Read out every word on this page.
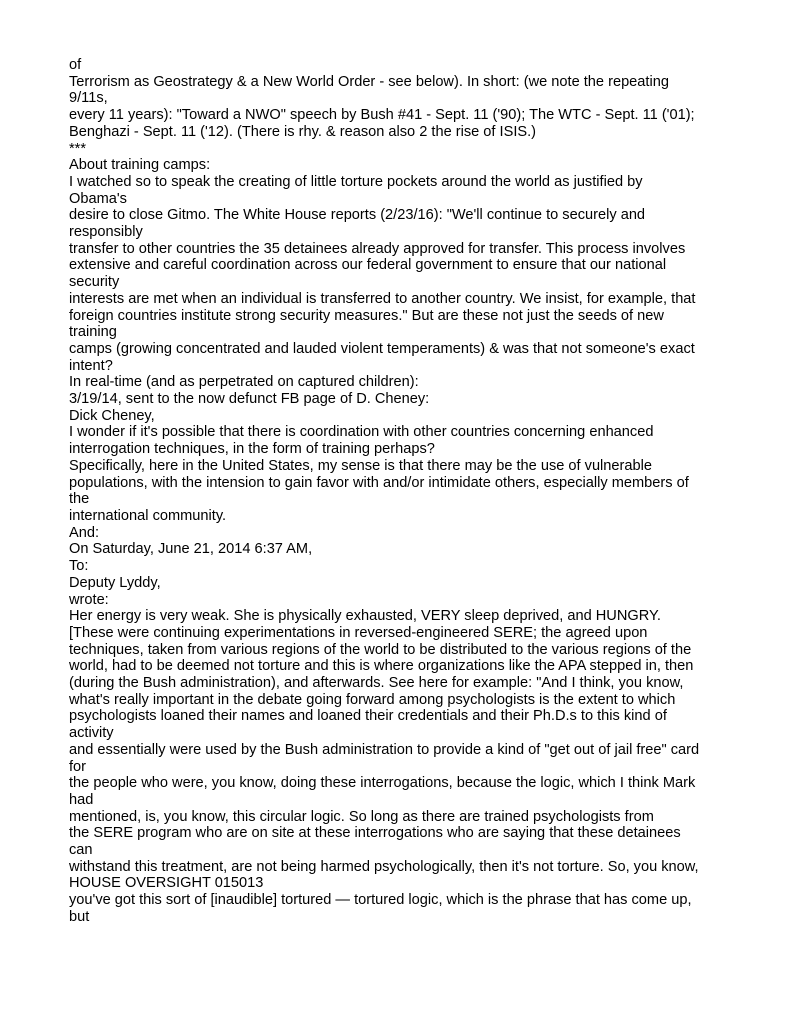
of
Terrorism as Geostrategy & a New World Order - see below). In short: (we note the repeating
9/11s,
every 11 years): "Toward a NWO" speech by Bush #41 - Sept. 11 ('90); The WTC - Sept. 11 ('01);
Benghazi - Sept. 11 ('12). (There is rhy. & reason also 2 the rise of ISIS.)
***
About training camps:
I watched so to speak the creating of little torture pockets around the world as justified by
Obama's
desire to close Gitmo. The White House reports (2/23/16): "We'll continue to securely and
responsibly
transfer to other countries the 35 detainees already approved for transfer. This process involves
extensive and careful coordination across our federal government to ensure that our national
security
interests are met when an individual is transferred to another country. We insist, for example, that
foreign countries institute strong security measures." But are these not just the seeds of new
training
camps (growing concentrated and lauded violent temperaments) & was that not someone's exact
intent?
In real-time (and as perpetrated on captured children):
3/19/14, sent to the now defunct FB page of D. Cheney:
Dick Cheney,
I wonder if it's possible that there is coordination with other countries concerning enhanced
interrogation techniques, in the form of training perhaps?
Specifically, here in the United States, my sense is that there may be the use of vulnerable
populations, with the intension to gain favor with and/or intimidate others, especially members of
the
international community.
And:
On Saturday, June 21, 2014 6:37 AM,
To:
Deputy Lyddy,
wrote:
Her energy is very weak. She is physically exhausted, VERY sleep deprived, and HUNGRY.
[These were continuing experimentations in reversed-engineered SERE; the agreed upon
techniques, taken from various regions of the world to be distributed to the various regions of the
world, had to be deemed not torture and this is where organizations like the APA stepped in, then
(during the Bush administration), and afterwards. See here for example: "And I think, you know,
what's really important in the debate going forward among psychologists is the extent to which
psychologists loaned their names and loaned their credentials and their Ph.D.s to this kind of
activity
and essentially were used by the Bush administration to provide a kind of "get out of jail free" card
for
the people who were, you know, doing these interrogations, because the logic, which I think Mark
had
mentioned, is, you know, this circular logic. So long as there are trained psychologists from
the SERE program who are on site at these interrogations who are saying that these detainees
can
withstand this treatment, are not being harmed psychologically, then it's not torture. So, you know,
HOUSE OVERSIGHT 015013
you've got this sort of [inaudible] tortured — tortured logic, which is the phrase that has come up,
but
